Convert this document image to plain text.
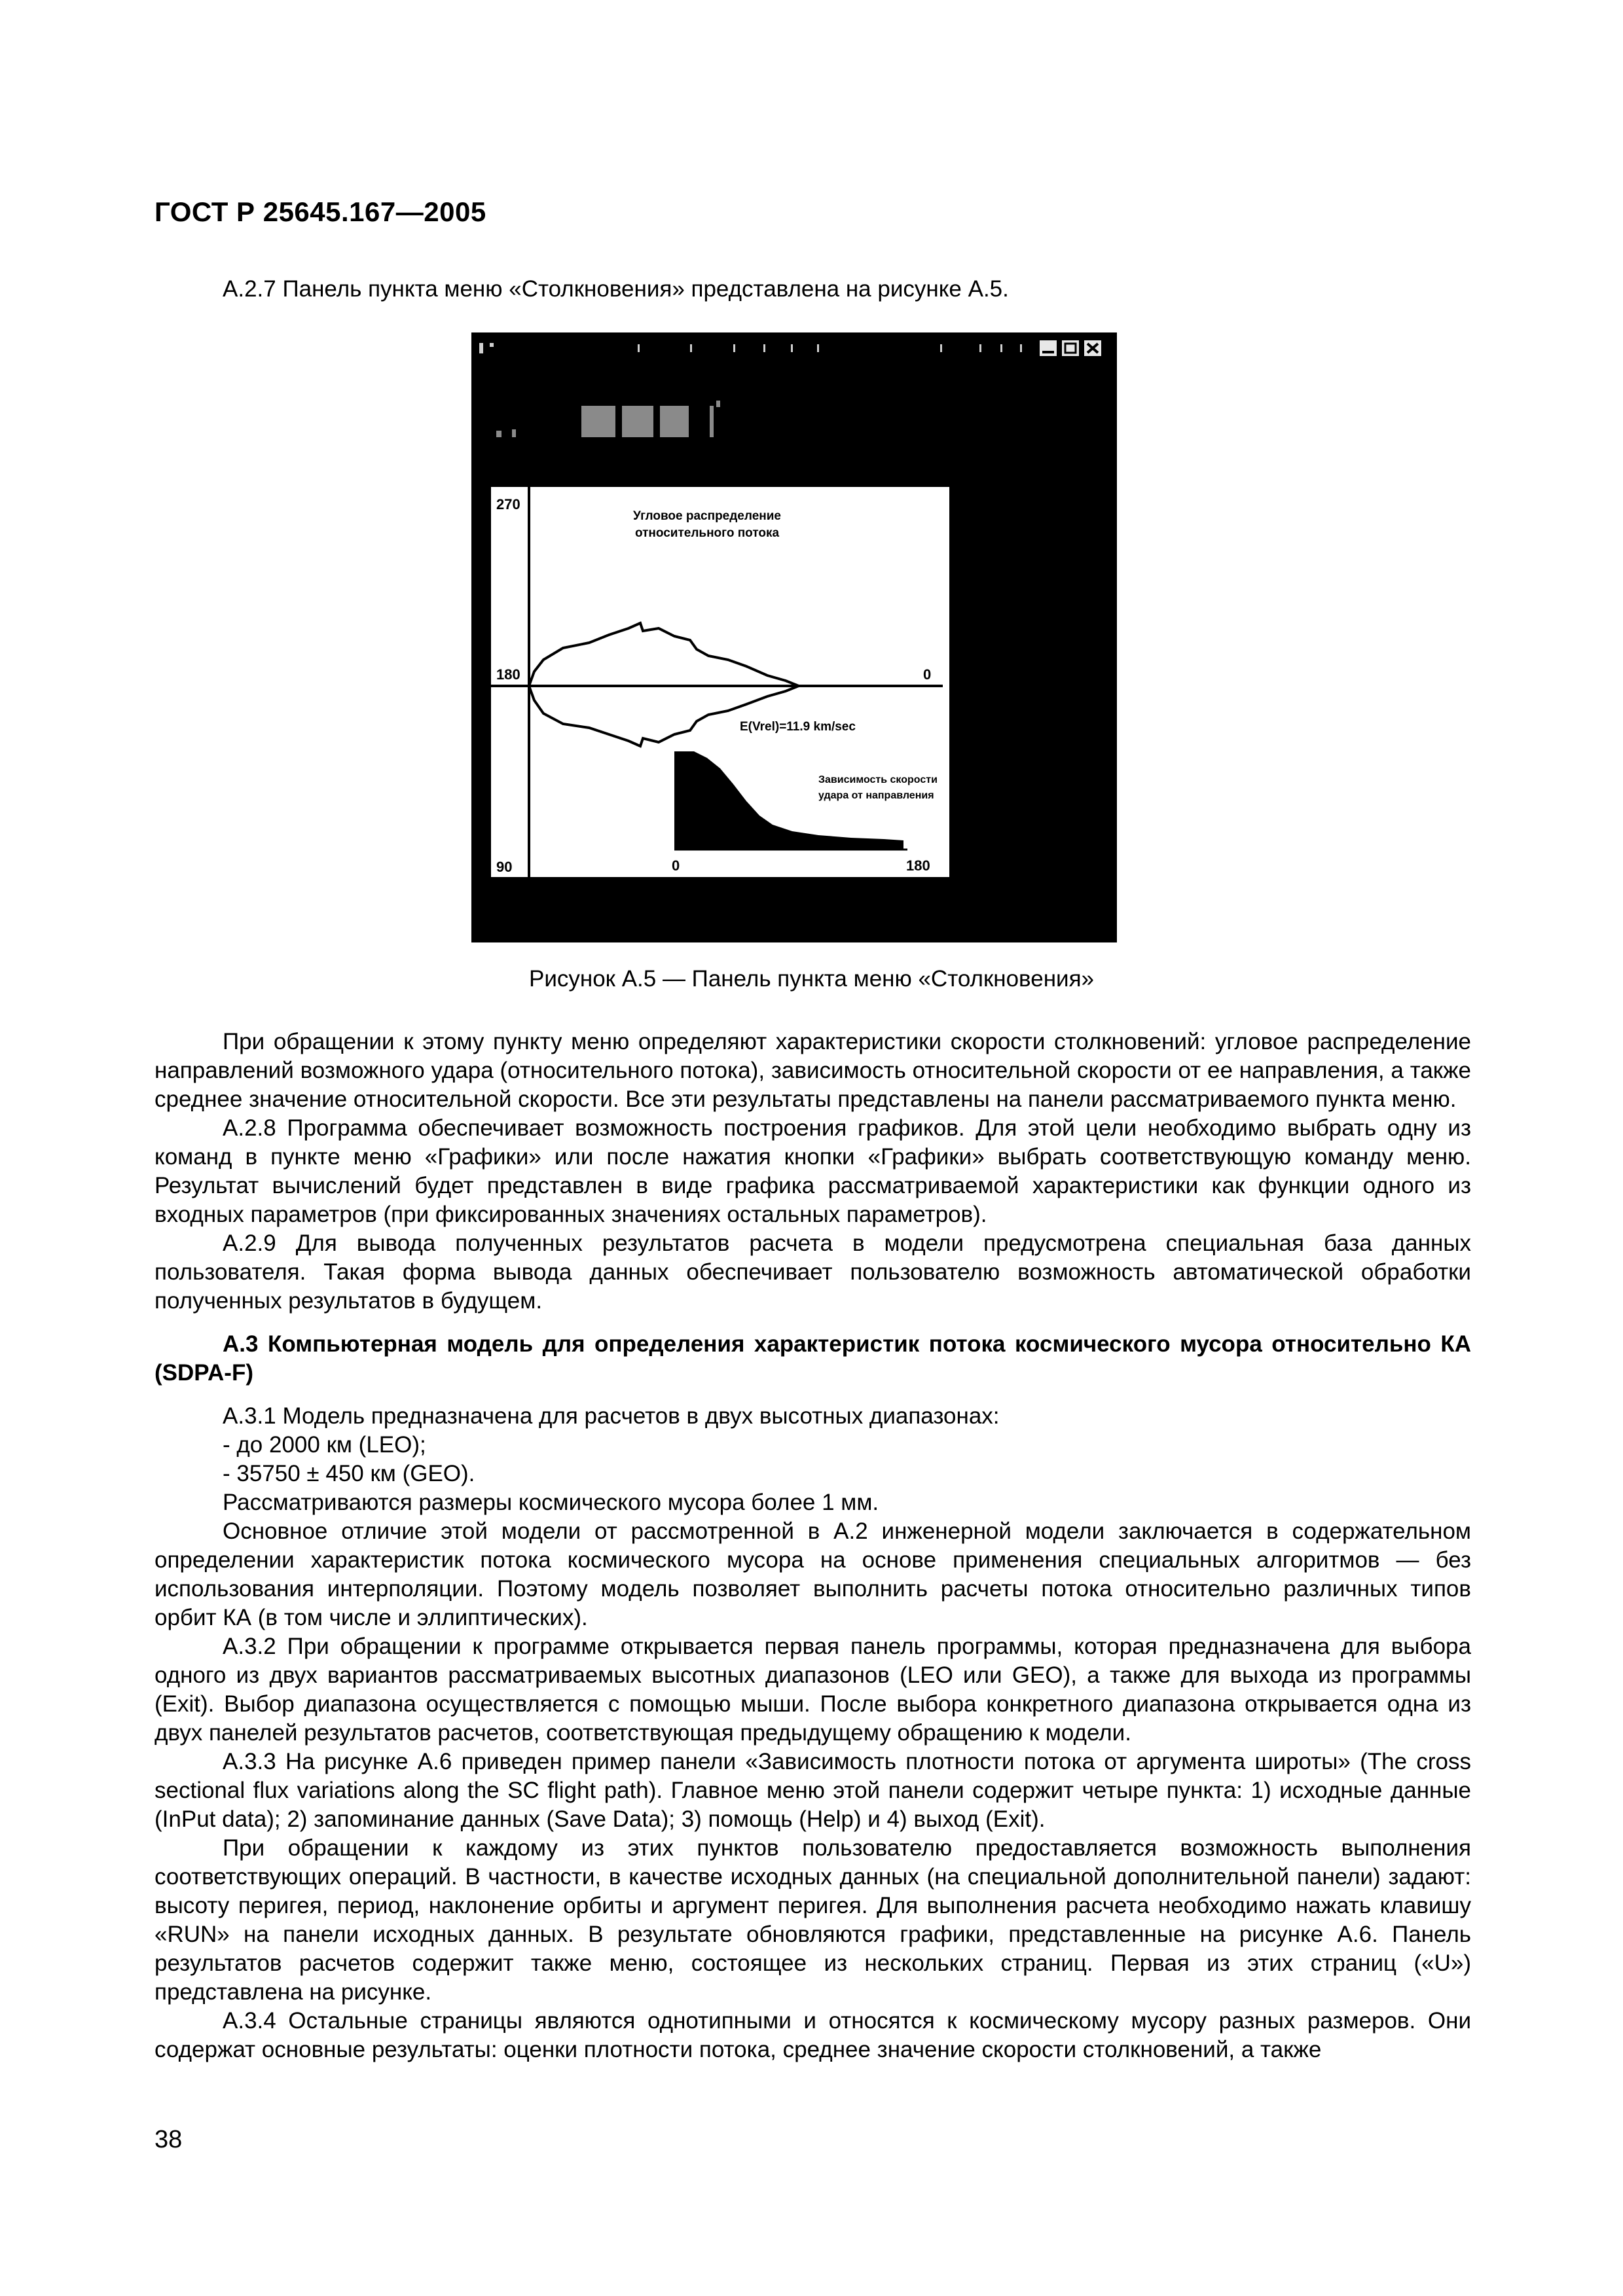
ГОСТ Р 25645.167—2005

А.2.7 Панель пункта меню «Столкновения» представлена на рисунке А.5.

270
180
90
0
Угловое распределение
относительного потока
E(Vrel)=11.9 km/sec
Зависимость скорости
удара от направления
0	180
Рисунок А.5 — Панель пункта меню «Столкновения»

При обращении к этому пункту меню определяют характеристики скорости столкновений: угловое распределение направлений возможного удара (относительного потока), зависимость относительной скорости от ее направления, а также среднее значение относительной скорости. Все эти результаты представлены на панели рассматриваемого пункта меню.

А.2.8 Программа обеспечивает возможность построения графиков. Для этой цели необходимо выбрать одну из команд в пункте меню «Графики» или после нажатия кнопки «Графики» выбрать соответствующую команду меню. Результат вычислений будет представлен в виде графика рассматриваемой характеристики как функции одного из входных параметров (при фиксированных значениях остальных параметров).

А.2.9 Для вывода полученных результатов расчета в модели предусмотрена специальная база данных пользователя. Такая форма вывода данных обеспечивает пользователю возможность автоматической обработки полученных результатов в будущем.

А.3 Компьютерная модель для определения характеристик потока космического мусора относительно КА (SDPA-F)

А.3.1 Модель предназначена для расчетов в двух высотных диапазонах:

- до 2000 км (LEO);

- 35750 ± 450 км (GEO).

Рассматриваются размеры космического мусора более 1 мм.

Основное отличие этой модели от рассмотренной в А.2 инженерной модели заключается в содержательном определении характеристик потока космического мусора на основе применения специальных алгоритмов — без использования интерполяции. Поэтому модель позволяет выполнить расчеты потока относительно различных типов орбит КА (в том числе и эллиптических).

А.3.2 При обращении к программе открывается первая панель программы, которая предназначена для выбора одного из двух вариантов рассматриваемых высотных диапазонов (LEO или GEO), а также для выхода из программы (Exit). Выбор диапазона осуществляется с помощью мыши. После выбора конкретного диапазона открывается одна из двух панелей результатов расчетов, соответствующая предыдущему обращению к модели.

А.3.3 На рисунке А.6 приведен пример панели «Зависимость плотности потока от аргумента широты» (The cross sectional flux variations along the SC flight path). Главное меню этой панели содержит четыре пункта: 1) исходные данные (InPut data); 2) запоминание данных (Save Data); 3) помощь (Help) и 4) выход (Exit).

При обращении к каждому из этих пунктов пользователю предоставляется возможность выполнения соответствующих операций. В частности, в качестве исходных данных (на специальной дополнительной панели) задают: высоту перигея, период, наклонение орбиты и аргумент перигея. Для выполнения расчета необходимо нажать клавишу «RUN» на панели исходных данных. В результате обновляются графики, представленные на рисунке А.6. Панель результатов расчетов содержит также меню, состоящее из нескольких страниц. Первая из этих страниц («U») представлена на рисунке.

А.3.4 Остальные страницы являются однотипными и относятся к космическому мусору разных размеров. Они содержат основные результаты: оценки плотности потока, среднее значение скорости столкновений, а также

38
